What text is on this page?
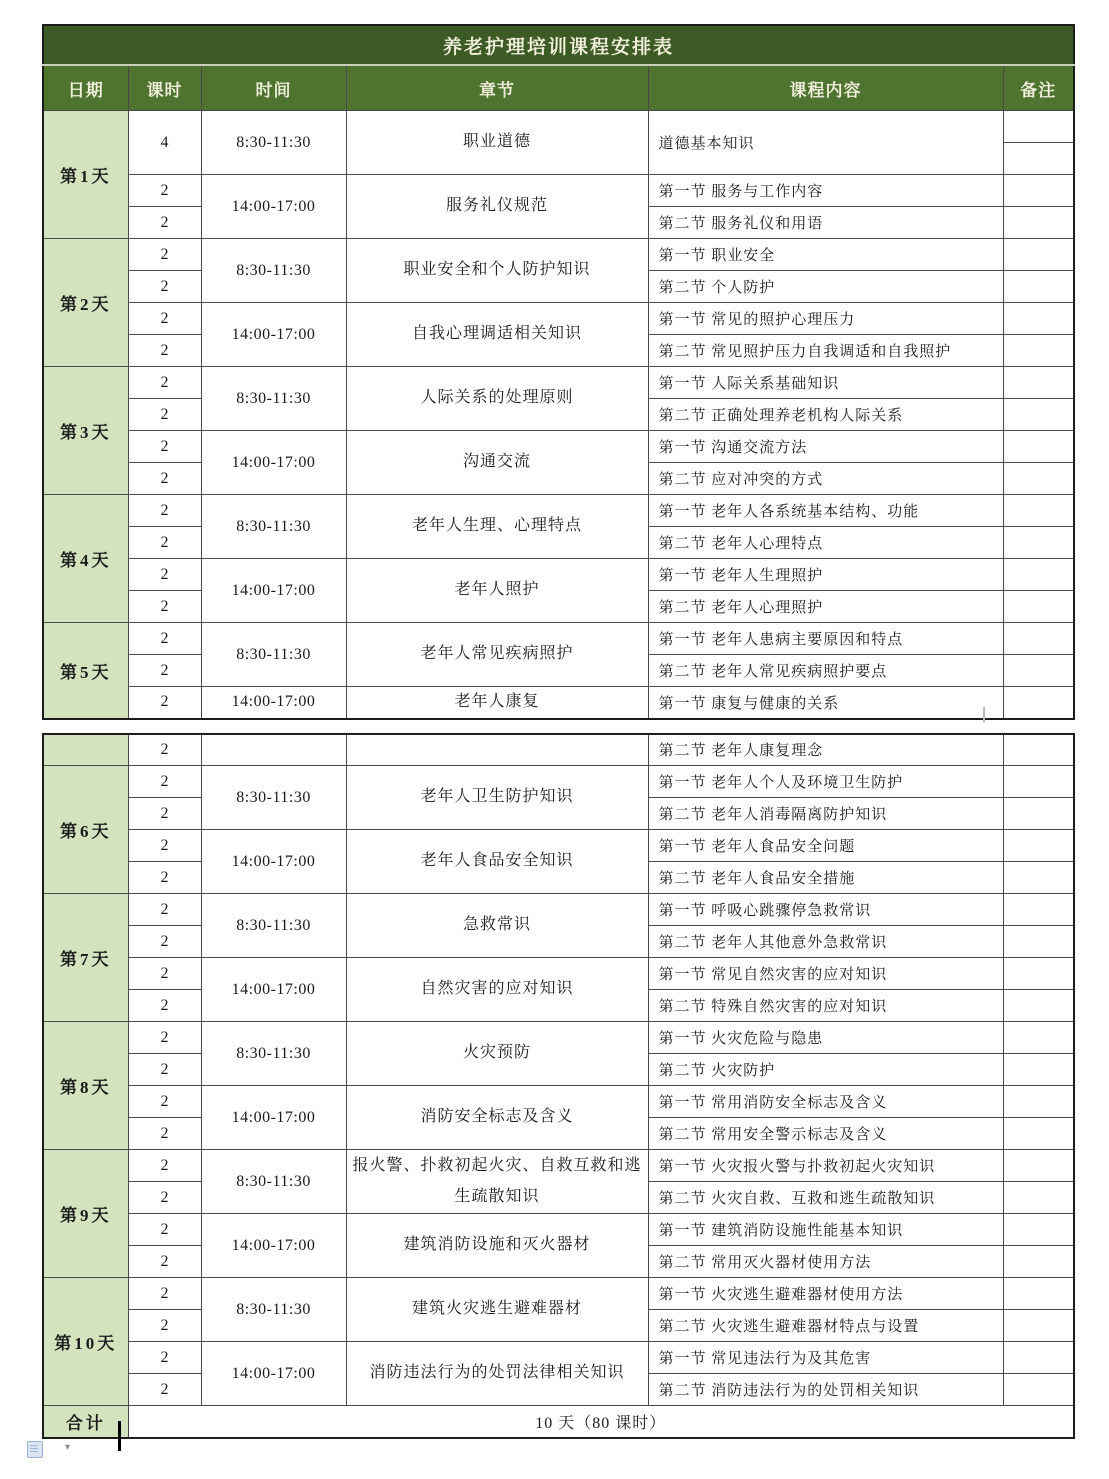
养老护理培训课程安排表					
日期	课时	时间	章节	课程内容	备注
第1天	4	8:30-11:30	职业道德	道德基本知识	

	2	14:00-17:00	服务礼仪规范	第一节 服务与工作内容	
	2			第二节 服务礼仪和用语	
第2天	2	8:30-11:30	职业安全和个人防护知识	第一节 职业安全	
	2			第二节 个人防护	
	2	14:00-17:00	自我心理调适相关知识	第一节 常见的照护心理压力	
	2			第二节 常见照护压力自我调适和自我照护	
第3天	2	8:30-11:30	人际关系的处理原则	第一节 人际关系基础知识	
	2			第二节 正确处理养老机构人际关系	
	2	14:00-17:00	沟通交流	第一节 沟通交流方法	
	2			第二节 应对冲突的方式	
第4天	2	8:30-11:30	老年人生理、心理特点	第一节 老年人各系统基本结构、功能	
	2			第二节 老年人心理特点	
	2	14:00-17:00	老年人照护	第一节 老年人生理照护	
	2			第二节 老年人心理照护	
第5天	2	8:30-11:30	老年人常见疾病照护	第一节 老年人患病主要原因和特点	
	2			第二节 老年人常见疾病照护要点	
	2	14:00-17:00	老年人康复	第一节 康复与健康的关系	
	2			第二节 老年人康复理念	
第6天	2	8:30-11:30	老年人卫生防护知识	第一节 老年人个人及环境卫生防护	
	2			第二节 老年人消毒隔离防护知识	
	2	14:00-17:00	老年人食品安全知识	第一节 老年人食品安全问题	
	2			第二节 老年人食品安全措施	
第7天	2	8:30-11:30	急救常识	第一节 呼吸心跳骤停急救常识	
	2			第二节 老年人其他意外急救常识	
	2	14:00-17:00	自然灾害的应对知识	第一节 常见自然灾害的应对知识	
	2			第二节 特殊自然灾害的应对知识	
第8天	2	8:30-11:30	火灾预防	第一节 火灾危险与隐患	
	2			第二节 火灾防护	
	2	14:00-17:00	消防安全标志及含义	第一节 常用消防安全标志及含义	
	2			第二节 常用安全警示标志及含义	
第9天	2	8:30-11:30	报火警、扑救初起火灾、自救互救和逃生疏散知识	第一节 火灾报火警与扑救初起火灾知识	
	2			第二节 火灾自救、互救和逃生疏散知识	
	2	14:00-17:00	建筑消防设施和灭火器材	第一节 建筑消防设施性能基本知识	
	2			第二节 常用灭火器材使用方法	
第10天	2	8:30-11:30	建筑火灾逃生避难器材	第一节 火灾逃生避难器材使用方法	
	2			第二节 火灾逃生避难器材特点与设置	
	2	14:00-17:00	消防违法行为的处罚法律相关知识	第一节 常见违法行为及其危害	
	2			第二节 消防违法行为的处罚相关知识	
合计	10 天（80 课时）				
▾
